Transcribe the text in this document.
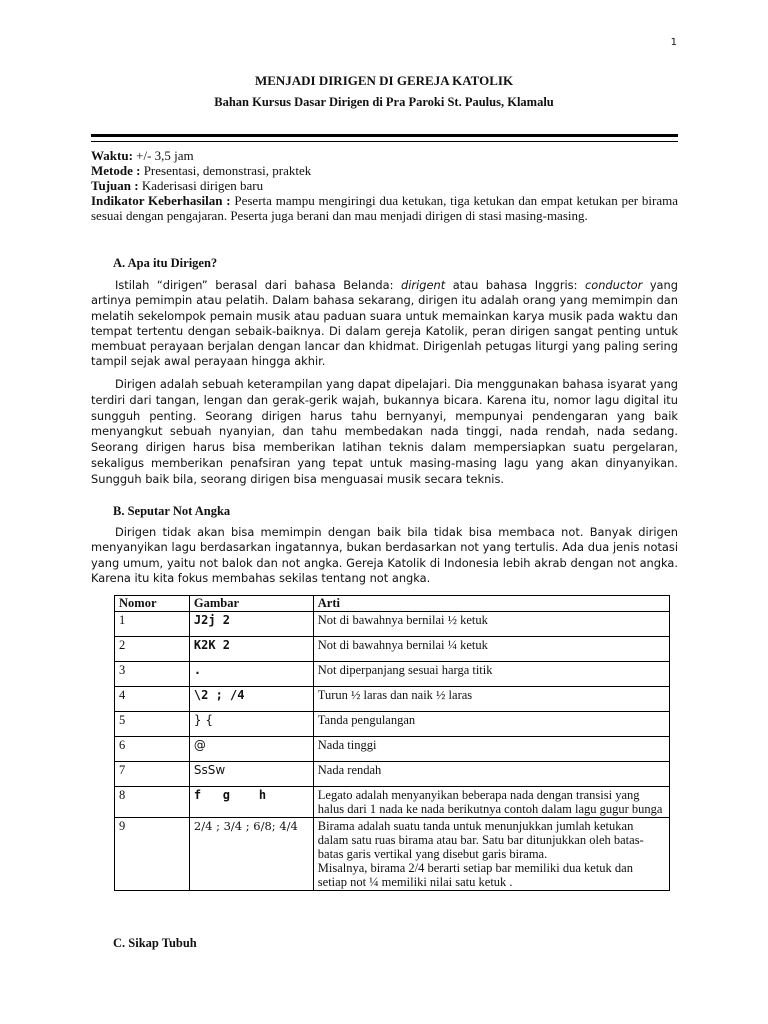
1
MENJADI DIRIGEN DI GEREJA KATOLIK
Bahan Kursus Dasar Dirigen di Pra Paroki St. Paulus, Klamalu

Waktu: +/- 3,5 jam

Metode : Presentasi, demonstrasi, praktek

Tujuan : Kaderisasi dirigen baru

Indikator Keberhasilan : Peserta mampu mengiringi dua ketukan, tiga ketukan dan empat ketukan per birama sesuai dengan pengajaran. Peserta juga berani dan mau menjadi dirigen di stasi masing-masing.

A. Apa itu Dirigen?

Istilah “dirigen” berasal dari bahasa Belanda: dirigent atau bahasa Inggris: conductor yang artinya pemimpin atau pelatih. Dalam bahasa sekarang, dirigen itu adalah orang yang memimpin dan melatih sekelompok pemain musik atau paduan suara untuk memainkan karya musik pada waktu dan tempat tertentu dengan sebaik-baiknya. Di dalam gereja Katolik, peran dirigen sangat penting untuk membuat perayaan berjalan dengan lancar dan khidmat. Dirigenlah petugas liturgi yang paling sering tampil sejak awal perayaan hingga akhir.

Dirigen adalah sebuah keterampilan yang dapat dipelajari. Dia menggunakan bahasa isyarat yang terdiri dari tangan, lengan dan gerak-gerik wajah, bukannya bicara. Karena itu, nomor lagu digital itu sungguh penting. Seorang dirigen harus tahu bernyanyi, mempunyai pendengaran yang baik menyangkut sebuah nyanyian, dan tahu membedakan nada tinggi, nada rendah, nada sedang. Seorang dirigen harus bisa memberikan latihan teknis dalam mempersiapkan suatu pergelaran, sekaligus memberikan penafsiran yang tepat untuk masing-masing lagu yang akan dinyanyikan. Sungguh baik bila, seorang dirigen bisa menguasai musik secara teknis.

B. Seputar Not Angka

Dirigen tidak akan bisa memimpin dengan baik bila tidak bisa membaca not. Banyak dirigen menyanyikan lagu berdasarkan ingatannya, bukan berdasarkan not yang tertulis. Ada dua jenis notasi yang umum, yaitu not balok dan not angka. Gereja Katolik di Indonesia lebih akrab dengan not angka. Karena itu kita fokus membahas sekilas tentang not angka.

Nomor	Gambar	Arti
1	J2j 2	Not di bawahnya bernilai ½ ketuk
2	K2K 2	Not di bawahnya bernilai ¼ ketuk
3	.	Not diperpanjang sesuai harga titik
4	\2 ; /4	Turun ½ laras dan naik ½ laras
5	} {	Tanda pengulangan
6	@	Nada tinggi
7	SsSw	Nada rendah
8	f   g    h	Legato adalah menyanyikan beberapa nada dengan transisi yang halus dari 1 nada ke nada berikutnya contoh dalam lagu gugur bunga
9	2/4 ; 3/4 ; 6/8; 4/4	Birama adalah suatu tanda untuk menunjukkan jumlah ketukan dalam satu ruas birama atau bar. Satu bar ditunjukkan oleh batas-batas garis vertikal yang disebut garis birama.
Misalnya, birama 2/4 berarti setiap bar memiliki dua ketuk dan setiap not ¼ memiliki nilai satu ketuk .
C. Sikap Tubuh
